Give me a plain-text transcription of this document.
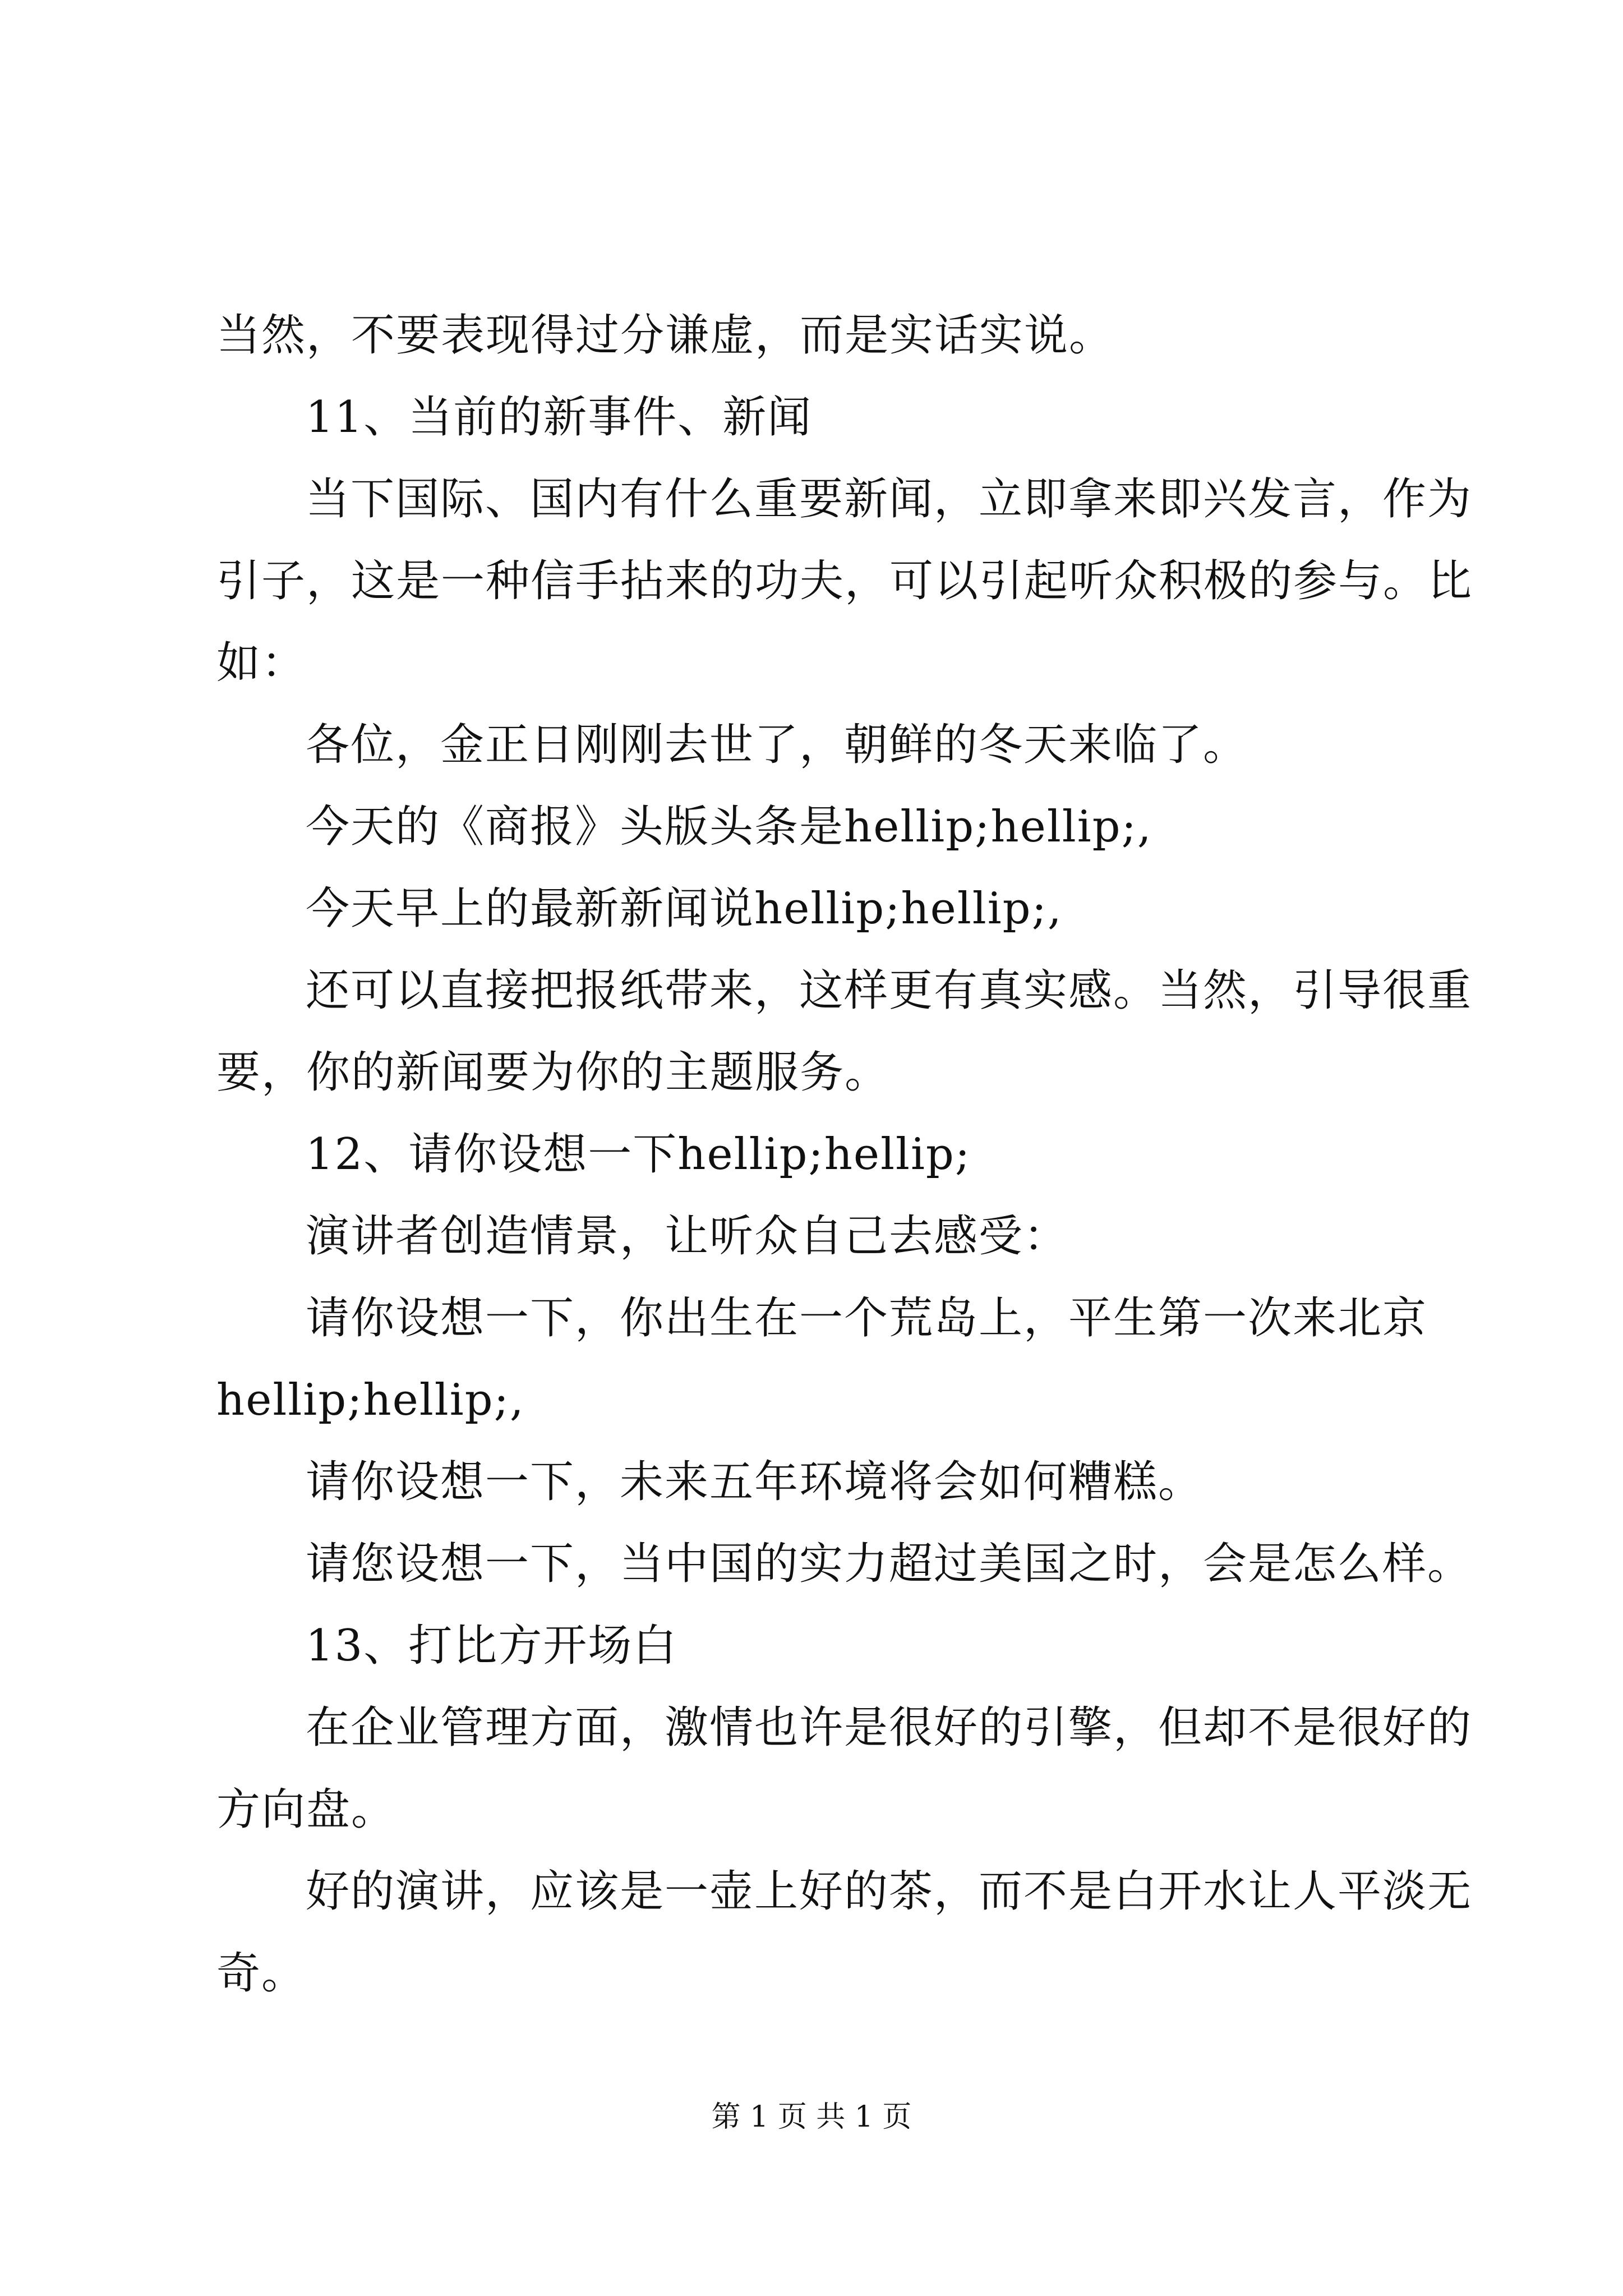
当然，不要表现得过分谦虚，而是实话实说。
11、当前的新事件、新闻
当下国际、国内有什么重要新闻，立即拿来即兴发言，作为
引子，这是一种信手拈来的功夫，可以引起听众积极的参与。比
如：
各位，金正日刚刚去世了，朝鲜的冬天来临了。
今天的《商报》头版头条是hellip;hellip;,
今天早上的最新新闻说hellip;hellip;,
还可以直接把报纸带来，这样更有真实感。当然，引导很重
要，你的新闻要为你的主题服务。
12、请你设想一下hellip;hellip;
演讲者创造情景，让听众自己去感受：
请你设想一下，你出生在一个荒岛上，平生第一次来北京
hellip;hellip;,
请你设想一下，未来五年环境将会如何糟糕。
请您设想一下，当中国的实力超过美国之时，会是怎么样。
13、打比方开场白
在企业管理方面，激情也许是很好的引擎，但却不是很好的
方向盘。
好的演讲，应该是一壶上好的茶，而不是白开水让人平淡无
奇。
第 1 页 共 1 页
